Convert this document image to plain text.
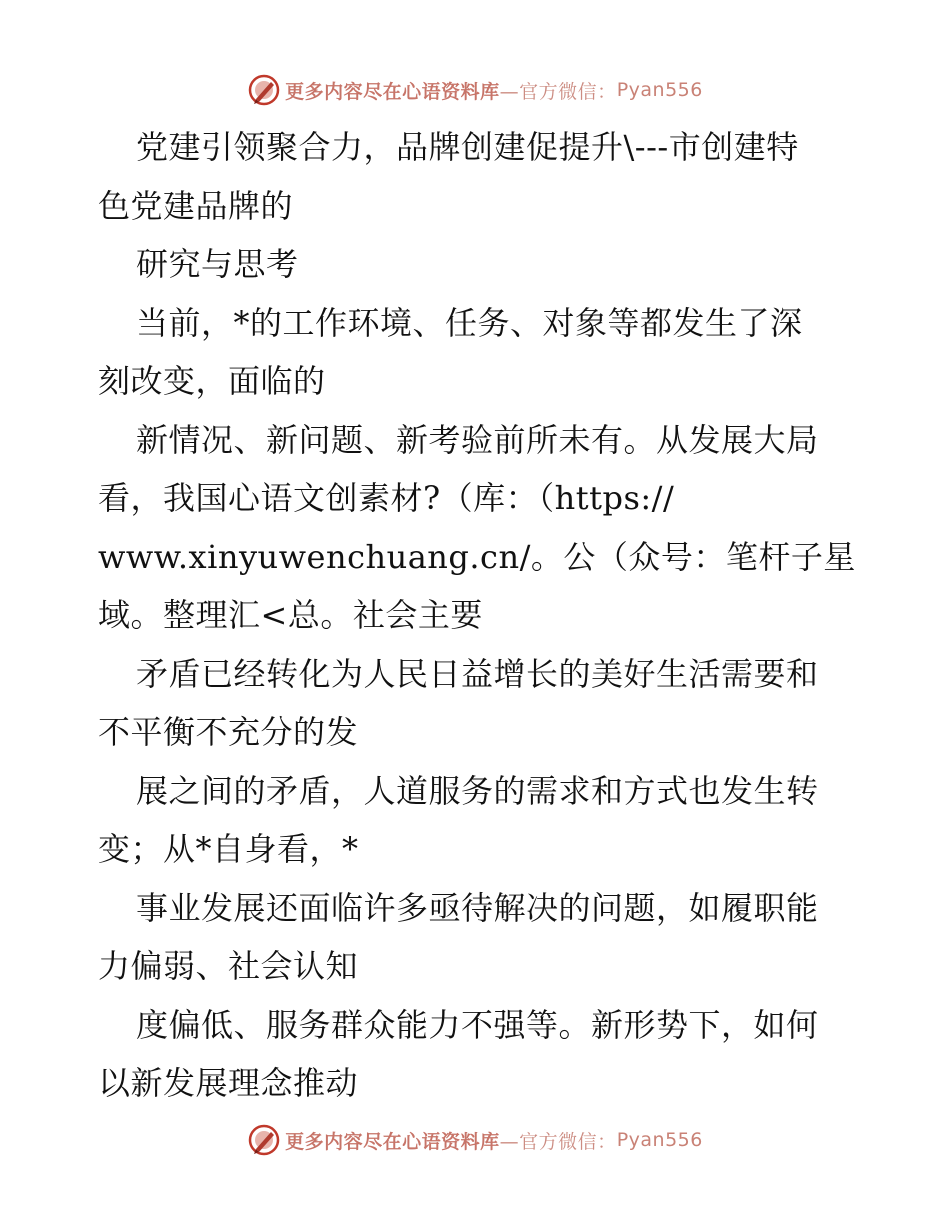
更多内容尽在心语资料库 —官方微信： Pyan556
党建引领聚合力，品牌创建促提升\---市创建特
色党建品牌的
研究与思考
当前，*的工作环境、任务、对象等都发生了深
刻改变，面临的
新情况、新问题、新考验前所未有。从发展大局
看，我国心语文创素材?（库：（https://
www.xinyuwenchuang.cn/。公（众号：笔杆子星
域。整理汇<总。社会主要
矛盾已经转化为人民日益增长的美好生活需要和
不平衡不充分的发
展之间的矛盾，人道服务的需求和方式也发生转
变；从*自身看，*
事业发展还面临许多亟待解决的问题，如履职能
力偏弱、社会认知
度偏低、服务群众能力不强等。新形势下，如何
以新发展理念推动
更多内容尽在心语资料库 —官方微信： Pyan556
